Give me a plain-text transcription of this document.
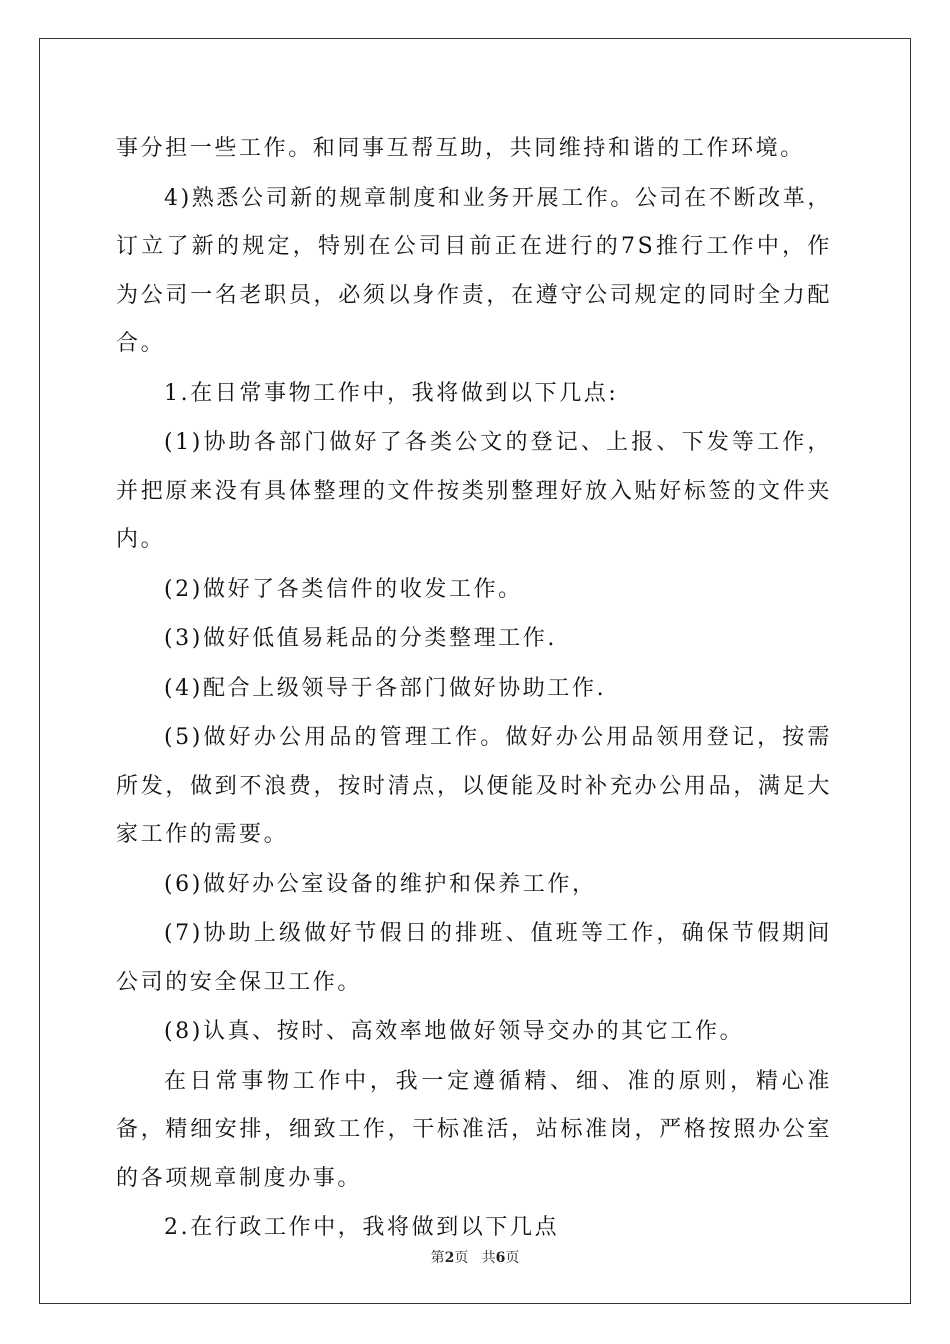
事分担一些工作。和同事互帮互助，共同维持和谐的工作环境。

4)熟悉公司新的规章制度和业务开展工作。公司在不断改革，订立了新的规定，特别在公司目前正在进行的7S推行工作中，作为公司一名老职员，必须以身作责，在遵守公司规定的同时全力配合。

1.在日常事物工作中，我将做到以下几点:

(1)协助各部门做好了各类公文的登记、上报、下发等工作，并把原来没有具体整理的文件按类别整理好放入贴好标签的文件夹内。

(2)做好了各类信件的收发工作。

(3)做好低值易耗品的分类整理工作.

(4)配合上级领导于各部门做好协助工作.

(5)做好办公用品的管理工作。做好办公用品领用登记，按需所发，做到不浪费，按时清点，以便能及时补充办公用品，满足大家工作的需要。

(6)做好办公室设备的维护和保养工作，

(7)协助上级做好节假日的排班、值班等工作，确保节假期间公司的安全保卫工作。

(8)认真、按时、高效率地做好领导交办的其它工作。

在日常事物工作中，我一定遵循精、细、准的原则，精心准备，精细安排，细致工作，干标准活，站标准岗，严格按照办公室的各项规章制度办事。

2.在行政工作中，我将做到以下几点

第2页 共6页
